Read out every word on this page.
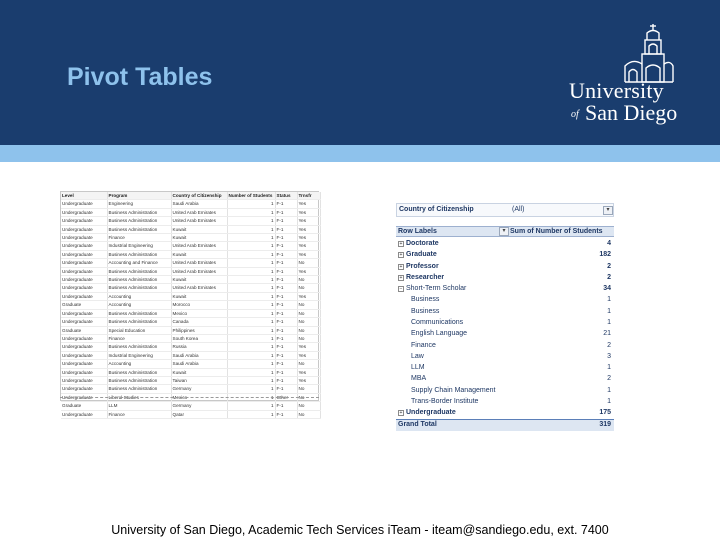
Pivot Tables	University
of San Diego
Level	Program	Country of Citizenship	Number of Students	Status	Trnsfr
Undergraduate	Engineering	Saudi Arabia	1	F-1	Yes
Undergraduate	Business Administration	United Arab Emirates	1	F-1	Yes
Undergraduate	Business Administration	United Arab Emirates	1	F-1	Yes
Undergraduate	Business Administration	Kuwait	1	F-1	Yes
Undergraduate	Finance	Kuwait	1	F-1	Yes
Undergraduate	Industrial Engineering	United Arab Emirates	1	F-1	Yes
Undergraduate	Business Administration	Kuwait	1	F-1	Yes
Undergraduate	Accounting and Finance	United Arab Emirates	1	F-1	No
Undergraduate	Business Administration	United Arab Emirates	1	F-1	Yes
Undergraduate	Business Administration	Kuwait	1	F-1	No
Undergraduate	Business Administration	United Arab Emirates	1	F-1	No
Undergraduate	Accounting	Kuwait	1	F-1	Yes
Graduate	Accounting	Morocco	1	F-1	No
Undergraduate	Business Administration	Mexico	1	F-1	No
Undergraduate	Business Administration	Canada	1	F-1	No
Graduate	Special Education	Philippines	1	F-1	No
Undergraduate	Finance	South Korea	1	F-1	No
Undergraduate	Business Administration	Russia	1	F-1	Yes
Undergraduate	Industrial Engineering	Saudi Arabia	1	F-1	Yes
Undergraduate	Accounting	Saudi Arabia	1	F-1	No
Undergraduate	Business Administration	Kuwait	1	F-1	Yes
Undergraduate	Business Administration	Taiwan	1	F-1	Yes
Undergraduate	Business Administration	Germany	1	F-1	No
Undergraduate	Liberal Studies	Mexico	1	Other	No
Graduate	LLM	Germany	1	F-1	No
Undergraduate	Finance	Qatar	1	F-1	No
Country of Citizenship	(All)	▾
Row Labels	▾ Sum of Number of Students
+ Doctorate	4
+ Graduate	182
+ Professor	2
+ Researcher	2
− Short-Term Scholar	34
Business	1
Business	1
Communications	1
English Language	21
Finance	2
Law	3
LLM	1
MBA	2
Supply Chain Management	1
Trans-Border Institute	1
+ Undergraduate	175
Grand Total	319
University of San Diego, Academic Tech Services iTeam - iteam@sandiego.edu, ext. 7400
